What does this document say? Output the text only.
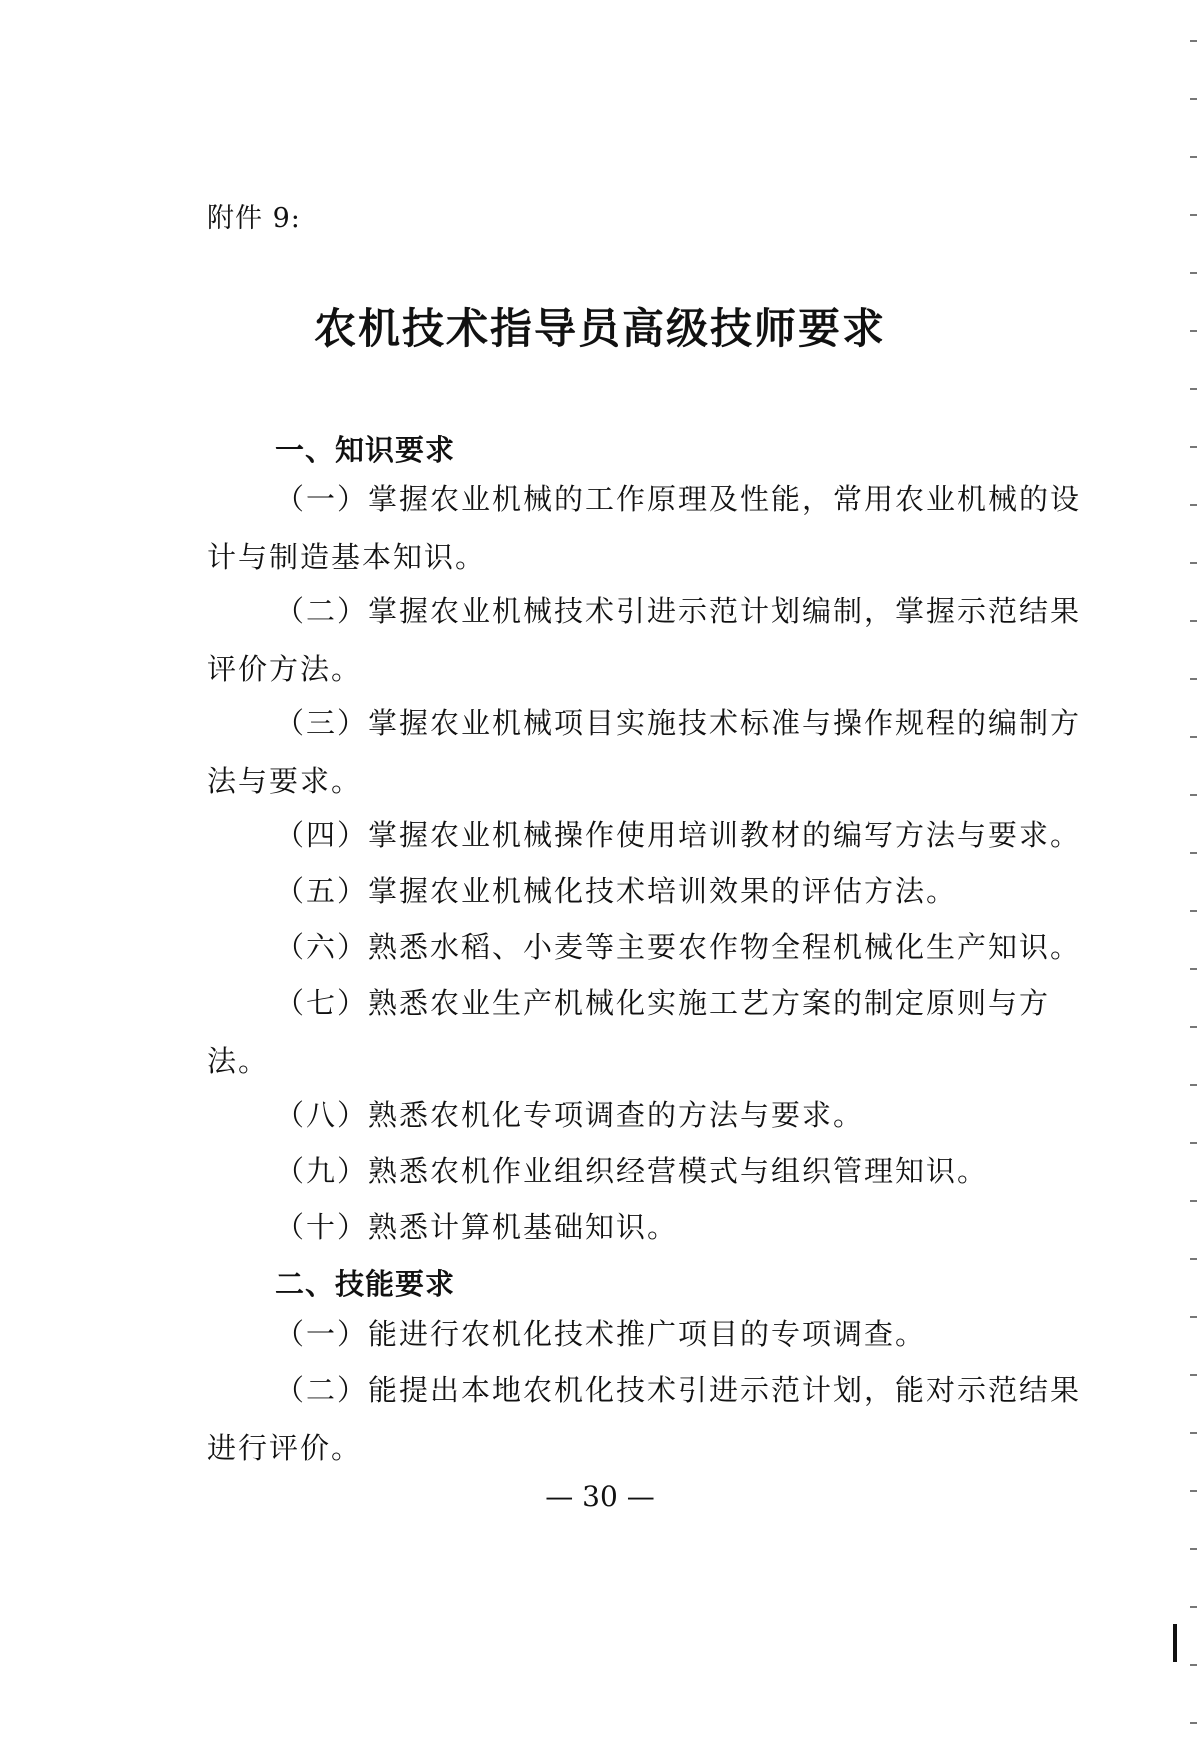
附件 9:
农机技术指导员高级技师要求
一、知识要求

（一）掌握农业机械的工作原理及性能，常用农业机械的设计与制造基本知识。

（二）掌握农业机械技术引进示范计划编制，掌握示范结果评价方法。

（三）掌握农业机械项目实施技术标准与操作规程的编制方法与要求。

（四）掌握农业机械操作使用培训教材的编写方法与要求。

（五）掌握农业机械化技术培训效果的评估方法。

（六）熟悉水稻、小麦等主要农作物全程机械化生产知识。

（七）熟悉农业生产机械化实施工艺方案的制定原则与方法。

（八）熟悉农机化专项调查的方法与要求。

（九）熟悉农机作业组织经营模式与组织管理知识。

（十）熟悉计算机基础知识。

二、技能要求

（一）能进行农机化技术推广项目的专项调查。

（二）能提出本地农机化技术引进示范计划，能对示范结果进行评价。

— 30 —
